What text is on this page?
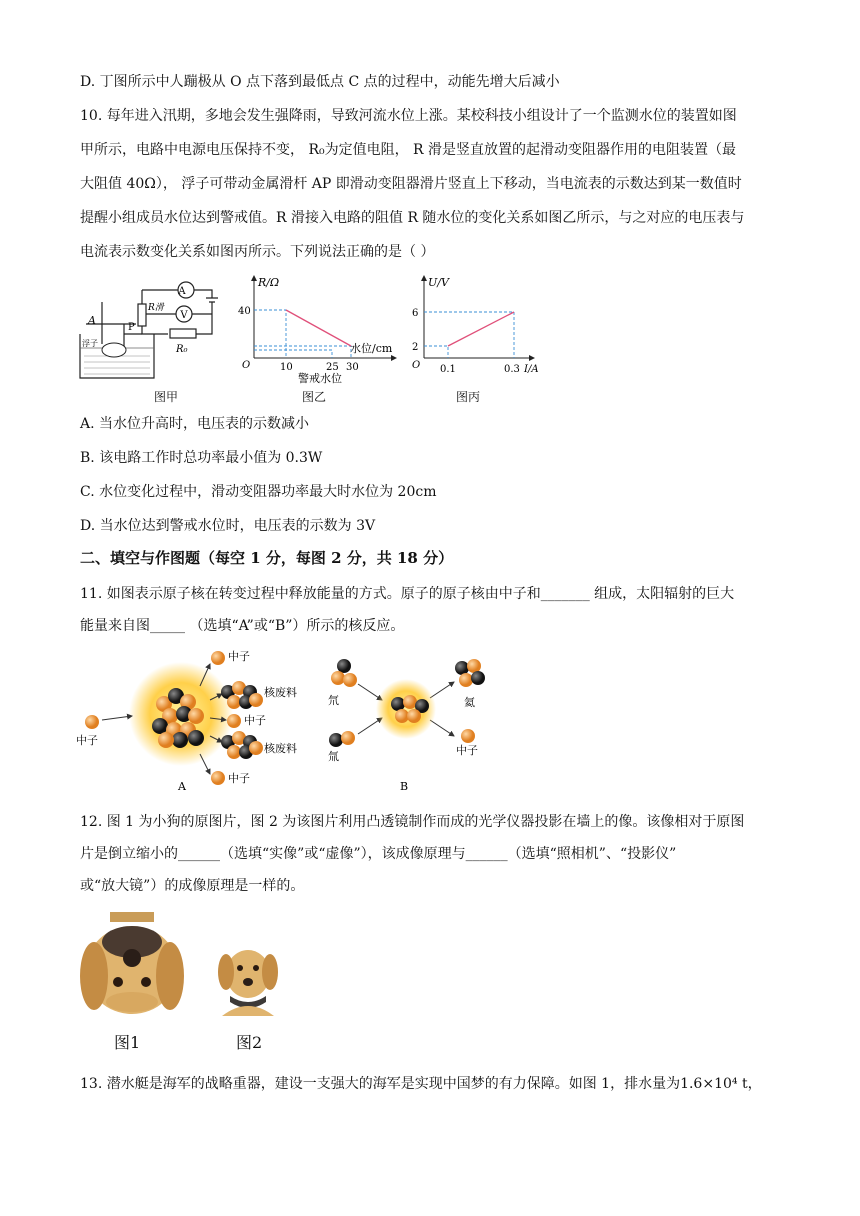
D. 丁图所示中人蹦极从 O 点下落到最低点 C 点的过程中，动能先增大后减小
10. 每年进入汛期，多地会发生强降雨，导致河流水位上涨。某校科技小组设计了一个监测水位的装置如图
甲所示，电路中电源电压保持不变， R₀为定值电阻， R 滑是竖直放置的起滑动变阻器作用的电阻装置（最
大阻值 40Ω）， 浮子可带动金属滑杆 AP 即滑动变阻器滑片竖直上下移动，当电流表的示数达到某一数值时
提醒小组成员水位达到警戒值。R 滑接入电路的阻值 R 随水位的变化关系如图乙所示，与之对应的电压表与
电流表示数变化关系如图丙所示。下列说法正确的是（ ）
A
V
R滑
R₀
A
P
浮子
图甲
R/Ω
40
O	10	25 30
水位/cm
警戒水位
图乙
U/V
6
2
O 0.1	0.3 I/A
图丙
A. 当水位升高时，电压表的示数减小
B. 该电路工作时总功率最小值为 0.3W
C. 水位变化过程中，滑动变阻器功率最大时水位为 20cm
D. 当水位达到警戒水位时，电压表的示数为 3V
二、填空与作图题（每空 1 分，每图 2 分，共 18 分）
11. 如图表示原子核在转变过程中释放能量的方式。原子的原子核由中子和_______ 组成，太阳辐射的巨大
能量来自图_____ （选填“A”或“B”）所示的核反应。
中子
中子
核废料
中子
核废料
中子
A
氘
氚
氦
中子
B
12. 图 1 为小狗的原图片，图 2 为该图片利用凸透镜制作而成的光学仪器投影在墙上的像。该像相对于原图
片是倒立缩小的______（选填“实像”或“虚像”），该成像原理与______（选填“照相机”、“投影仪”
或“放大镜”）的成像原理是一样的。
图1	图2
13. 潜水艇是海军的战略重器，建设一支强大的海军是实现中国梦的有力保障。如图 1，排水量为1.6×10⁴ t，
